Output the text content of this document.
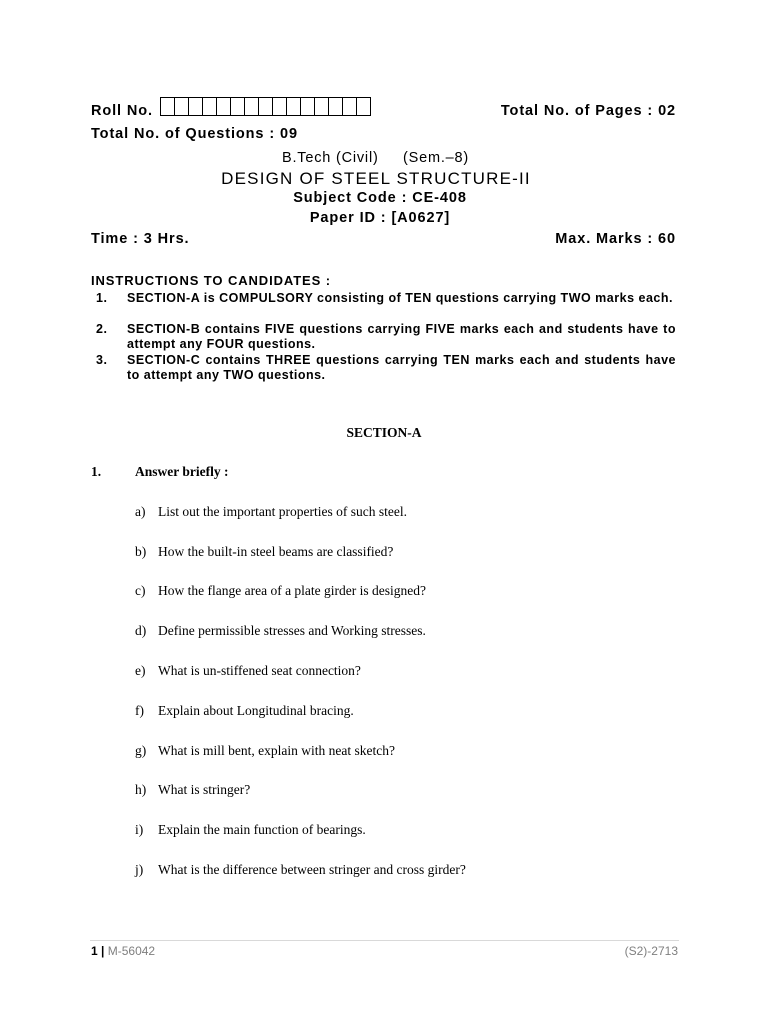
Roll No.	Total No. of Pages : 02
Total No. of Questions : 09
B.Tech (Civil) (Sem.–8)
DESIGN OF STEEL STRUCTURE-II
Subject Code : CE-408
Paper ID : [A0627]
Time : 3 Hrs.	Max. Marks : 60
INSTRUCTIONS TO CANDIDATES :
1. SECTION-A is COMPULSORY consisting of TEN questions carrying TWO marks each.
2. SECTION-B contains FIVE questions carrying FIVE marks each and students have to attempt any FOUR questions.
3. SECTION-C contains THREE questions carrying TEN marks each and students have to attempt any TWO questions.
SECTION-A
1.	Answer briefly :
a) List out the important properties of such steel.
b) How the built-in steel beams are classified?
c) How the flange area of a plate girder is designed?
d) Define permissible stresses and Working stresses.
e) What is un-stiffened seat connection?
f) Explain about Longitudinal bracing.
g) What is mill bent, explain with neat sketch?
h) What is stringer?
i) Explain the main function of bearings.
j) What is the difference between stringer and cross girder?
1 | M-56042	(S2)-2713
